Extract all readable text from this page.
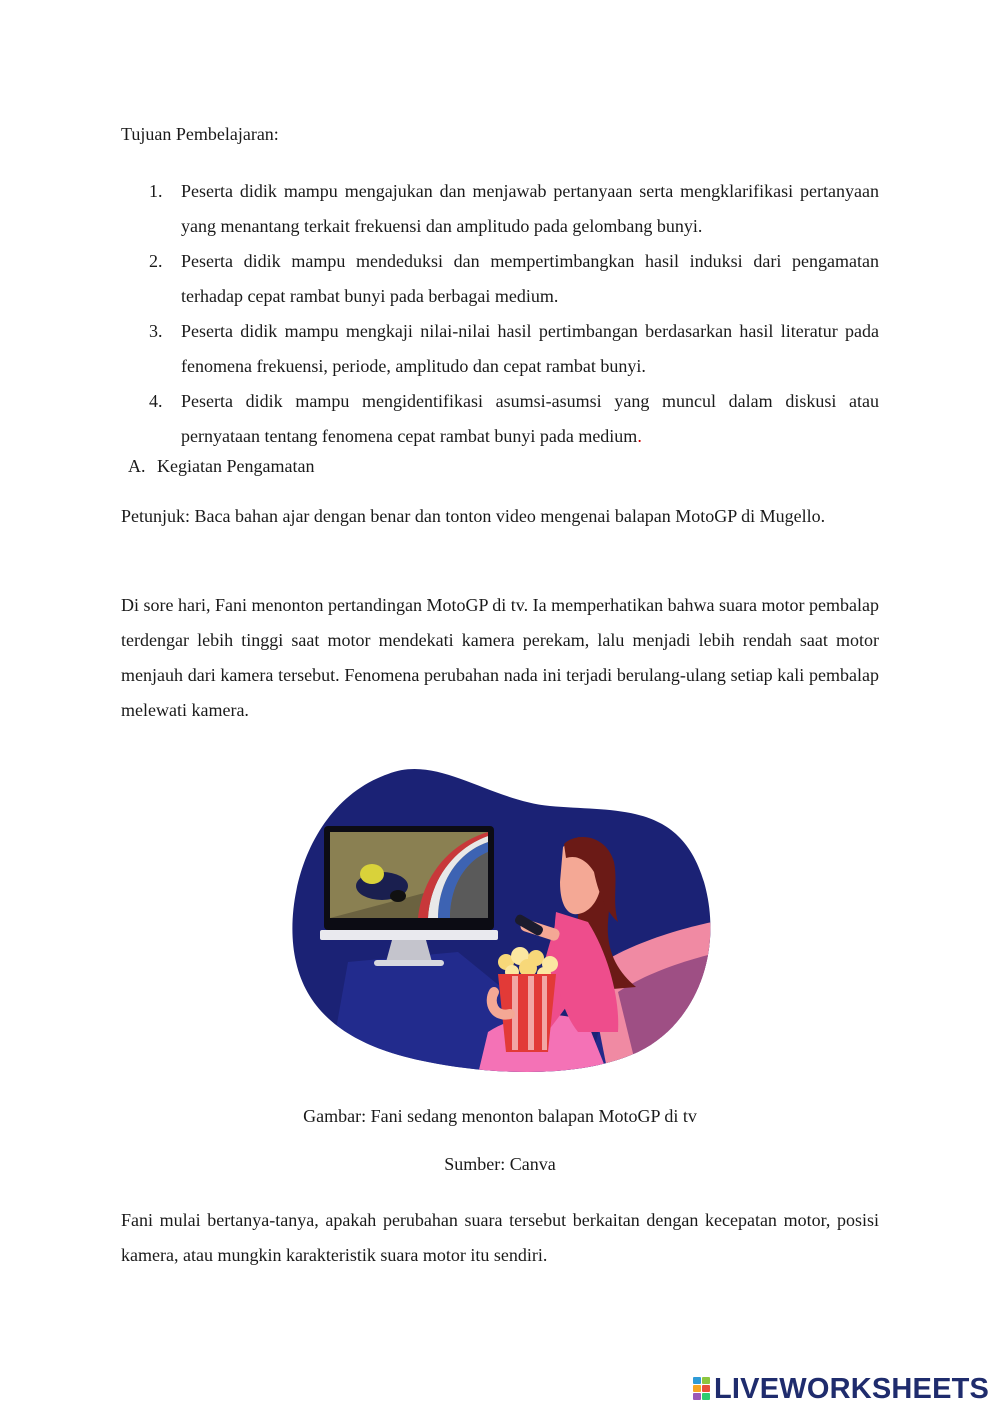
Tujuan Pembelajaran:
1. Peserta didik mampu mengajukan dan menjawab pertanyaan serta mengklarifikasi pertanyaan yang menantang terkait frekuensi dan amplitudo pada gelombang bunyi.
2. Peserta didik mampu mendeduksi dan mempertimbangkan hasil induksi dari pengamatan terhadap cepat rambat bunyi pada berbagai medium.
3. Peserta didik mampu mengkaji nilai-nilai hasil pertimbangan berdasarkan hasil literatur pada fenomena frekuensi, periode, amplitudo dan cepat rambat bunyi.
4. Peserta didik mampu mengidentifikasi asumsi-asumsi yang muncul dalam diskusi atau pernyataan tentang fenomena cepat rambat bunyi pada medium.
A. Kegiatan Pengamatan

Petunjuk: Baca bahan ajar dengan benar dan tonton video mengenai balapan MotoGP di Mugello.

Di sore hari, Fani menonton pertandingan MotoGP di tv. Ia memperhatikan bahwa suara motor pembalap terdengar lebih tinggi saat motor mendekati kamera perekam, lalu menjadi lebih rendah saat motor menjauh dari kamera tersebut. Fenomena perubahan nada ini terjadi berulang-ulang setiap kali pembalap melewati kamera.

Gambar: Fani sedang menonton balapan MotoGP di tv
Sumber: Canva

Fani mulai bertanya-tanya, apakah perubahan suara tersebut berkaitan dengan kecepatan motor, posisi kamera, atau mungkin karakteristik suara motor itu sendiri.

LIVEWORKSHEETS
